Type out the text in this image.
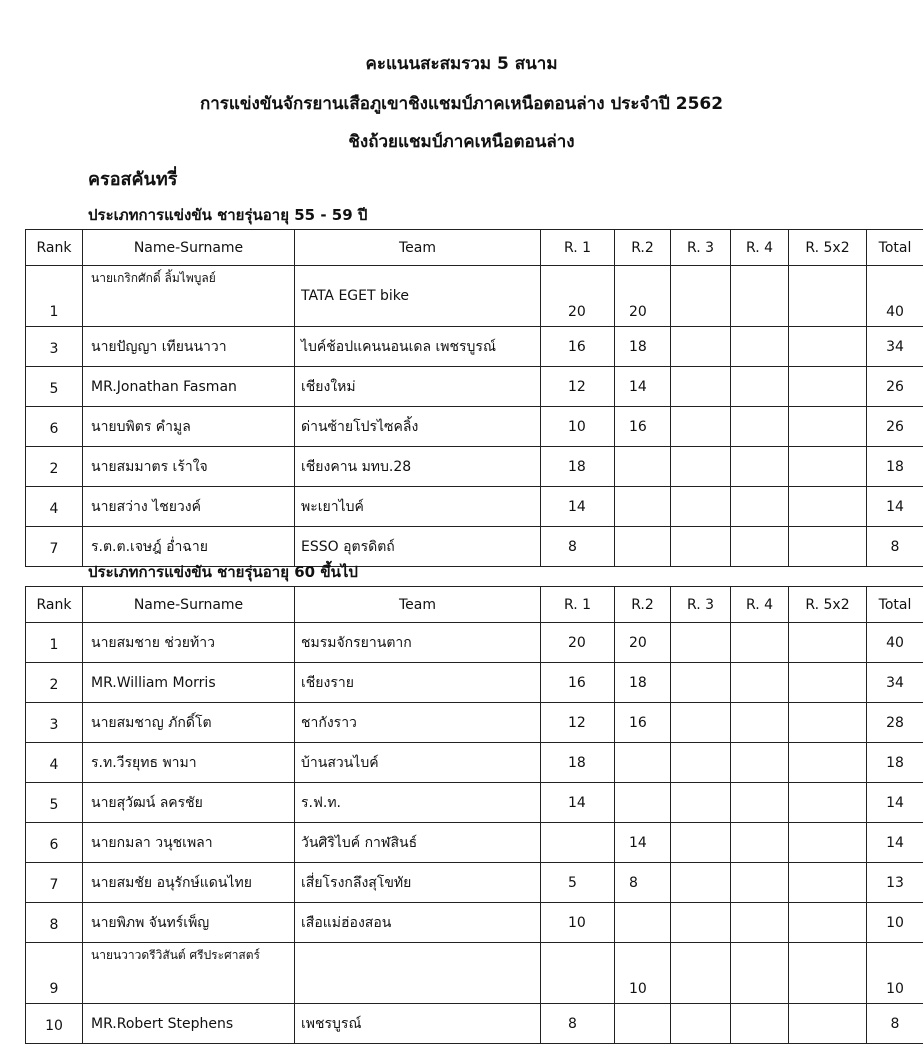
คะแนนสะสมรวม 5 สนาม
การแข่งขันจักรยานเสือภูเขาชิงแชมป์ภาคเหนือตอนล่าง ประจำปี 2562
ชิงถ้วยแชมป์ภาคเหนือตอนล่าง
ครอสคันทรี่
ประเภทการแข่งขัน ชายรุ่นอายุ 55 - 59 ปี
Rank	Name-Surname	Team	R. 1	R.2	R. 3	R. 4	R. 5x2	Total
1	นายเกริกศักดิ์ ลิ้มไพบูลย์	TATA EGET bike	20	20				40
3	นายปัญญา เทียนนาวา	ไบค์ช้อปแคนนอนเดล เพชรบูรณ์	16	18				34
5	MR.Jonathan Fasman	เชียงใหม่	12	14				26
6	นายบพิตร คำมูล	ด่านซ้ายโปรไซคลิ้ง	10	16				26
2	นายสมมาตร เร้าใจ	เชียงคาน มทบ.28	18					18
4	นายสว่าง ไชยวงค์	พะเยาไบค์	14					14
7	ร.ต.ต.เจษฎ์ อ่ำฉาย	ESSO อุตรดิตถ์	8					8
ประเภทการแข่งขัน ชายรุ่นอายุ 60 ขึ้นไป
Rank	Name-Surname	Team	R. 1	R.2	R. 3	R. 4	R. 5x2	Total
1	นายสมชาย ช่วยท้าว	ชมรมจักรยานตาก	20	20				40
2	MR.William Morris	เชียงราย	16	18				34
3	นายสมชาญ ภักดิ์โต	ชากังราว	12	16				28
4	ร.ท.วีรยุทธ พามา	บ้านสวนไบค์	18					18
5	นายสุวัฒน์ ลครชัย	ร.ฟ.ท.	14					14
6	นายกมลา วนุชเพลา	วันศิริไบค์ กาฬสินธ์		14				14
7	นายสมชัย อนุรักษ์แดนไทย	เสี่ยโรงกลึงสุโขทัย	5	8				13
8	นายพิภพ จันทร์เพ็ญ	เสือแม่ฮ่องสอน	10					10
9	นายนวาวดรีวิสันต์ ศรีประศาสตร์			10				10
10	MR.Robert Stephens	เพชรบูรณ์	8					8
